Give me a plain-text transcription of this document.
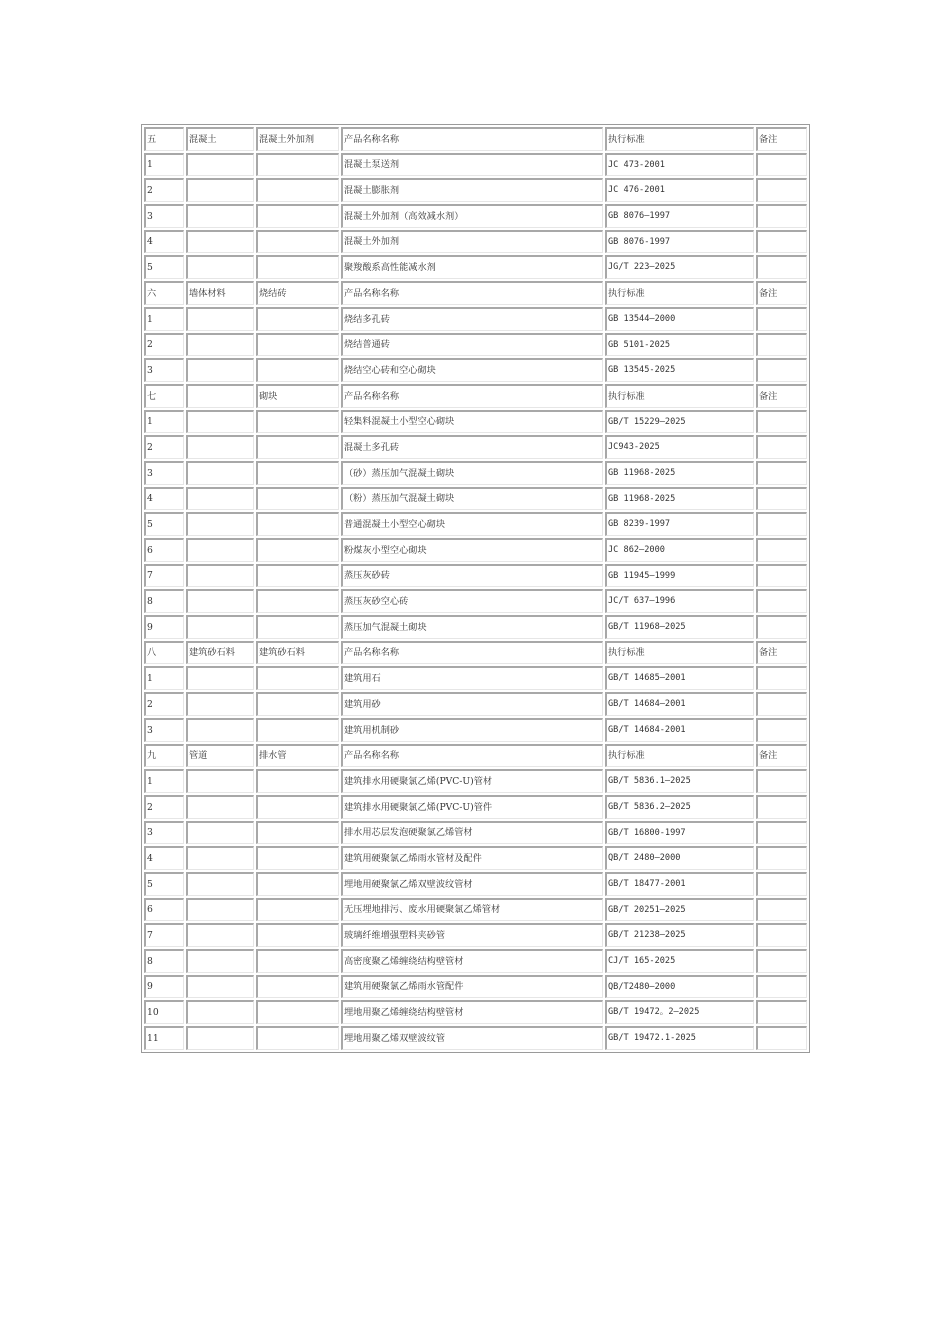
五	混凝土	混凝土外加剂	产品名称名称	执行标准	备注
1			混凝土泵送剂	JC 473-2001	
2			混凝土膨胀剂	JC 476-2001	
3			混凝土外加剂（高效减水剂）	GB 8076—1997	
4			混凝土外加剂	GB 8076-1997	
5			聚羧酸系高性能减水剂	JG/T 223—2025	
六	墙体材料	烧结砖	产品名称名称	执行标准	备注
1			烧结多孔砖	GB 13544—2000	
2			烧结普通砖	GB 5101-2025	
3			烧结空心砖和空心砌块	GB 13545-2025	
七		砌块	产品名称名称	执行标准	备注
1			轻集料混凝土小型空心砌块	GB/T 15229—2025	
2			混凝土多孔砖	JC943-2025	
3			（砂）蒸压加气混凝土砌块	GB 11968-2025	
4			（粉）蒸压加气混凝土砌块	GB 11968-2025	
5			普通混凝土小型空心砌块	GB 8239-1997	
6			粉煤灰小型空心砌块	JC 862—2000	
7			蒸压灰砂砖	GB 11945—1999	
8			蒸压灰砂空心砖	JC/T 637—1996	
9			蒸压加气混凝土砌块	GB/T 11968—2025	
八	建筑砂石料	建筑砂石料	产品名称名称	执行标准	备注
1			建筑用石	GB/T 14685—2001	
2			建筑用砂	GB/T 14684—2001	
3			建筑用机制砂	GB/T 14684-2001	
九	管道	排水管	产品名称名称	执行标准	备注
1			建筑排水用硬聚氯乙烯(PVC-U)管材	GB/T 5836.1—2025	
2			建筑排水用硬聚氯乙烯(PVC-U)管件	GB/T 5836.2—2025	
3			排水用芯层发泡硬聚氯乙烯管材	GB/T 16800-1997	
4			建筑用硬聚氯乙烯雨水管材及配件	QB/T 2480—2000	
5			埋地用硬聚氯乙烯双壁波纹管材	GB/T 18477-2001	
6			无压埋地排污、废水用硬聚氯乙烯管材	GB/T 20251—2025	
7			玻璃纤维增强塑料夹砂管	GB/T 21238—2025	
8			高密度聚乙烯缠绕结构壁管材	CJ/T 165-2025	
9			建筑用硬聚氯乙烯雨水管配件	QB/T2480—2000	
10			埋地用聚乙烯缠绕结构壁管材	GB/T 19472。2—2025	
11			埋地用聚乙烯双壁波纹管	GB/T 19472.1-2025	
